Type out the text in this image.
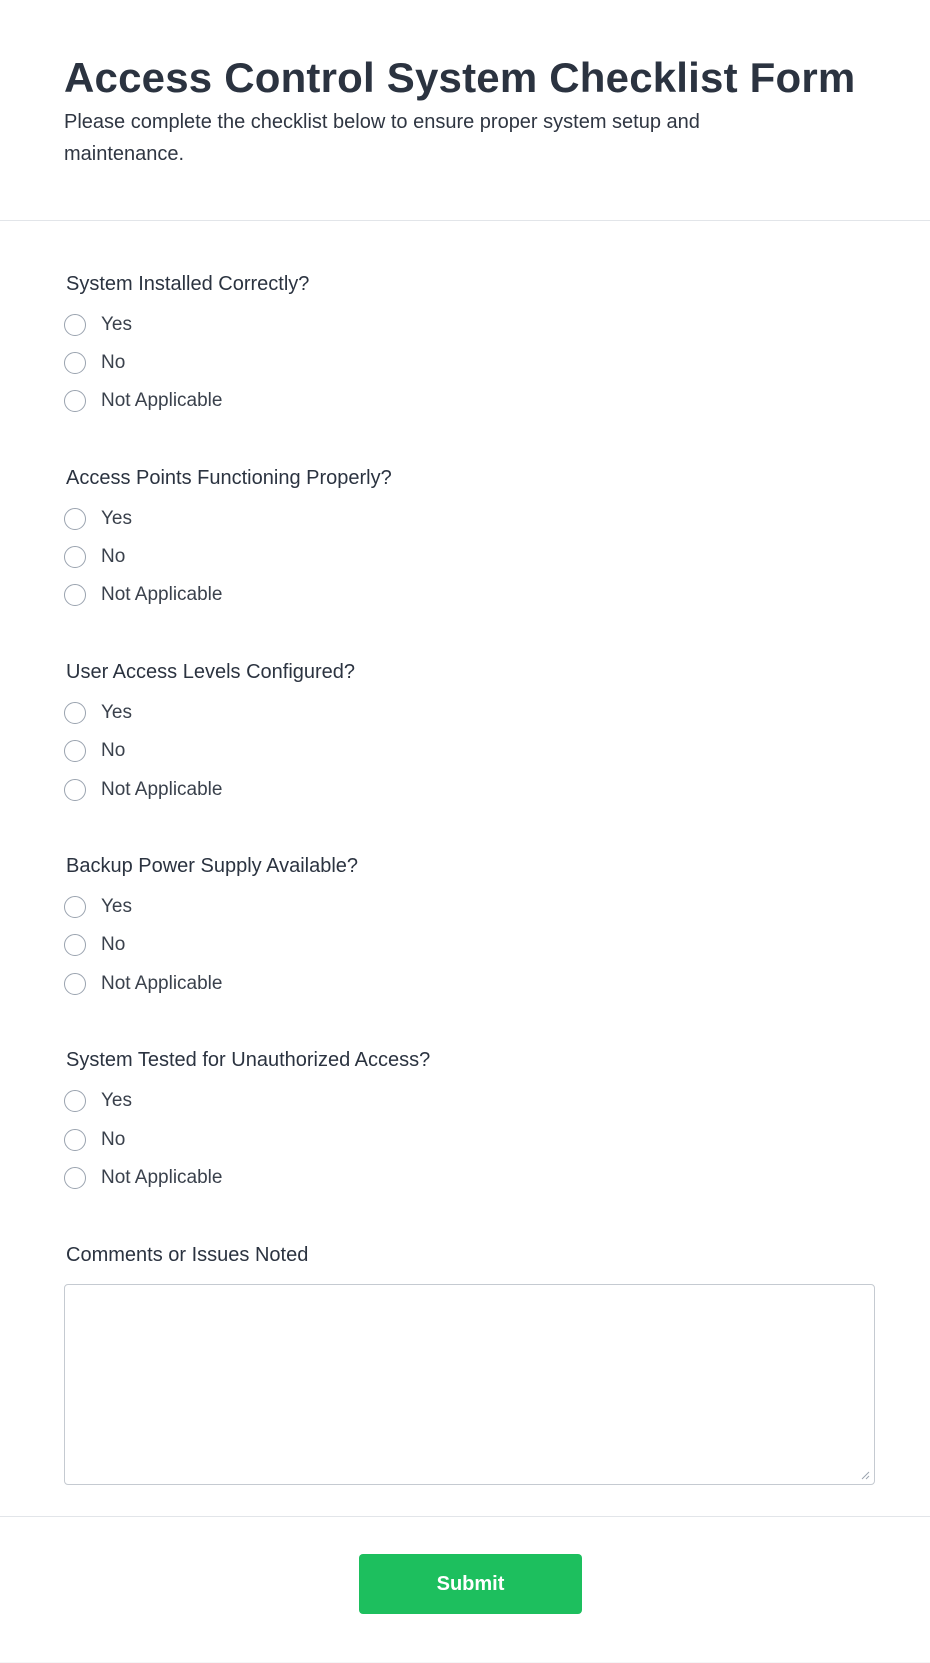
Access Control System Checklist Form

Please complete the checklist below to ensure proper system setup and maintenance.

System Installed Correctly?
Yes
No
Not Applicable
Access Points Functioning Properly?
Yes
No
Not Applicable
User Access Levels Configured?
Yes
No
Not Applicable
Backup Power Supply Available?
Yes
No
Not Applicable
System Tested for Unauthorized Access?
Yes
No
Not Applicable
Comments or Issues Noted
Submit
